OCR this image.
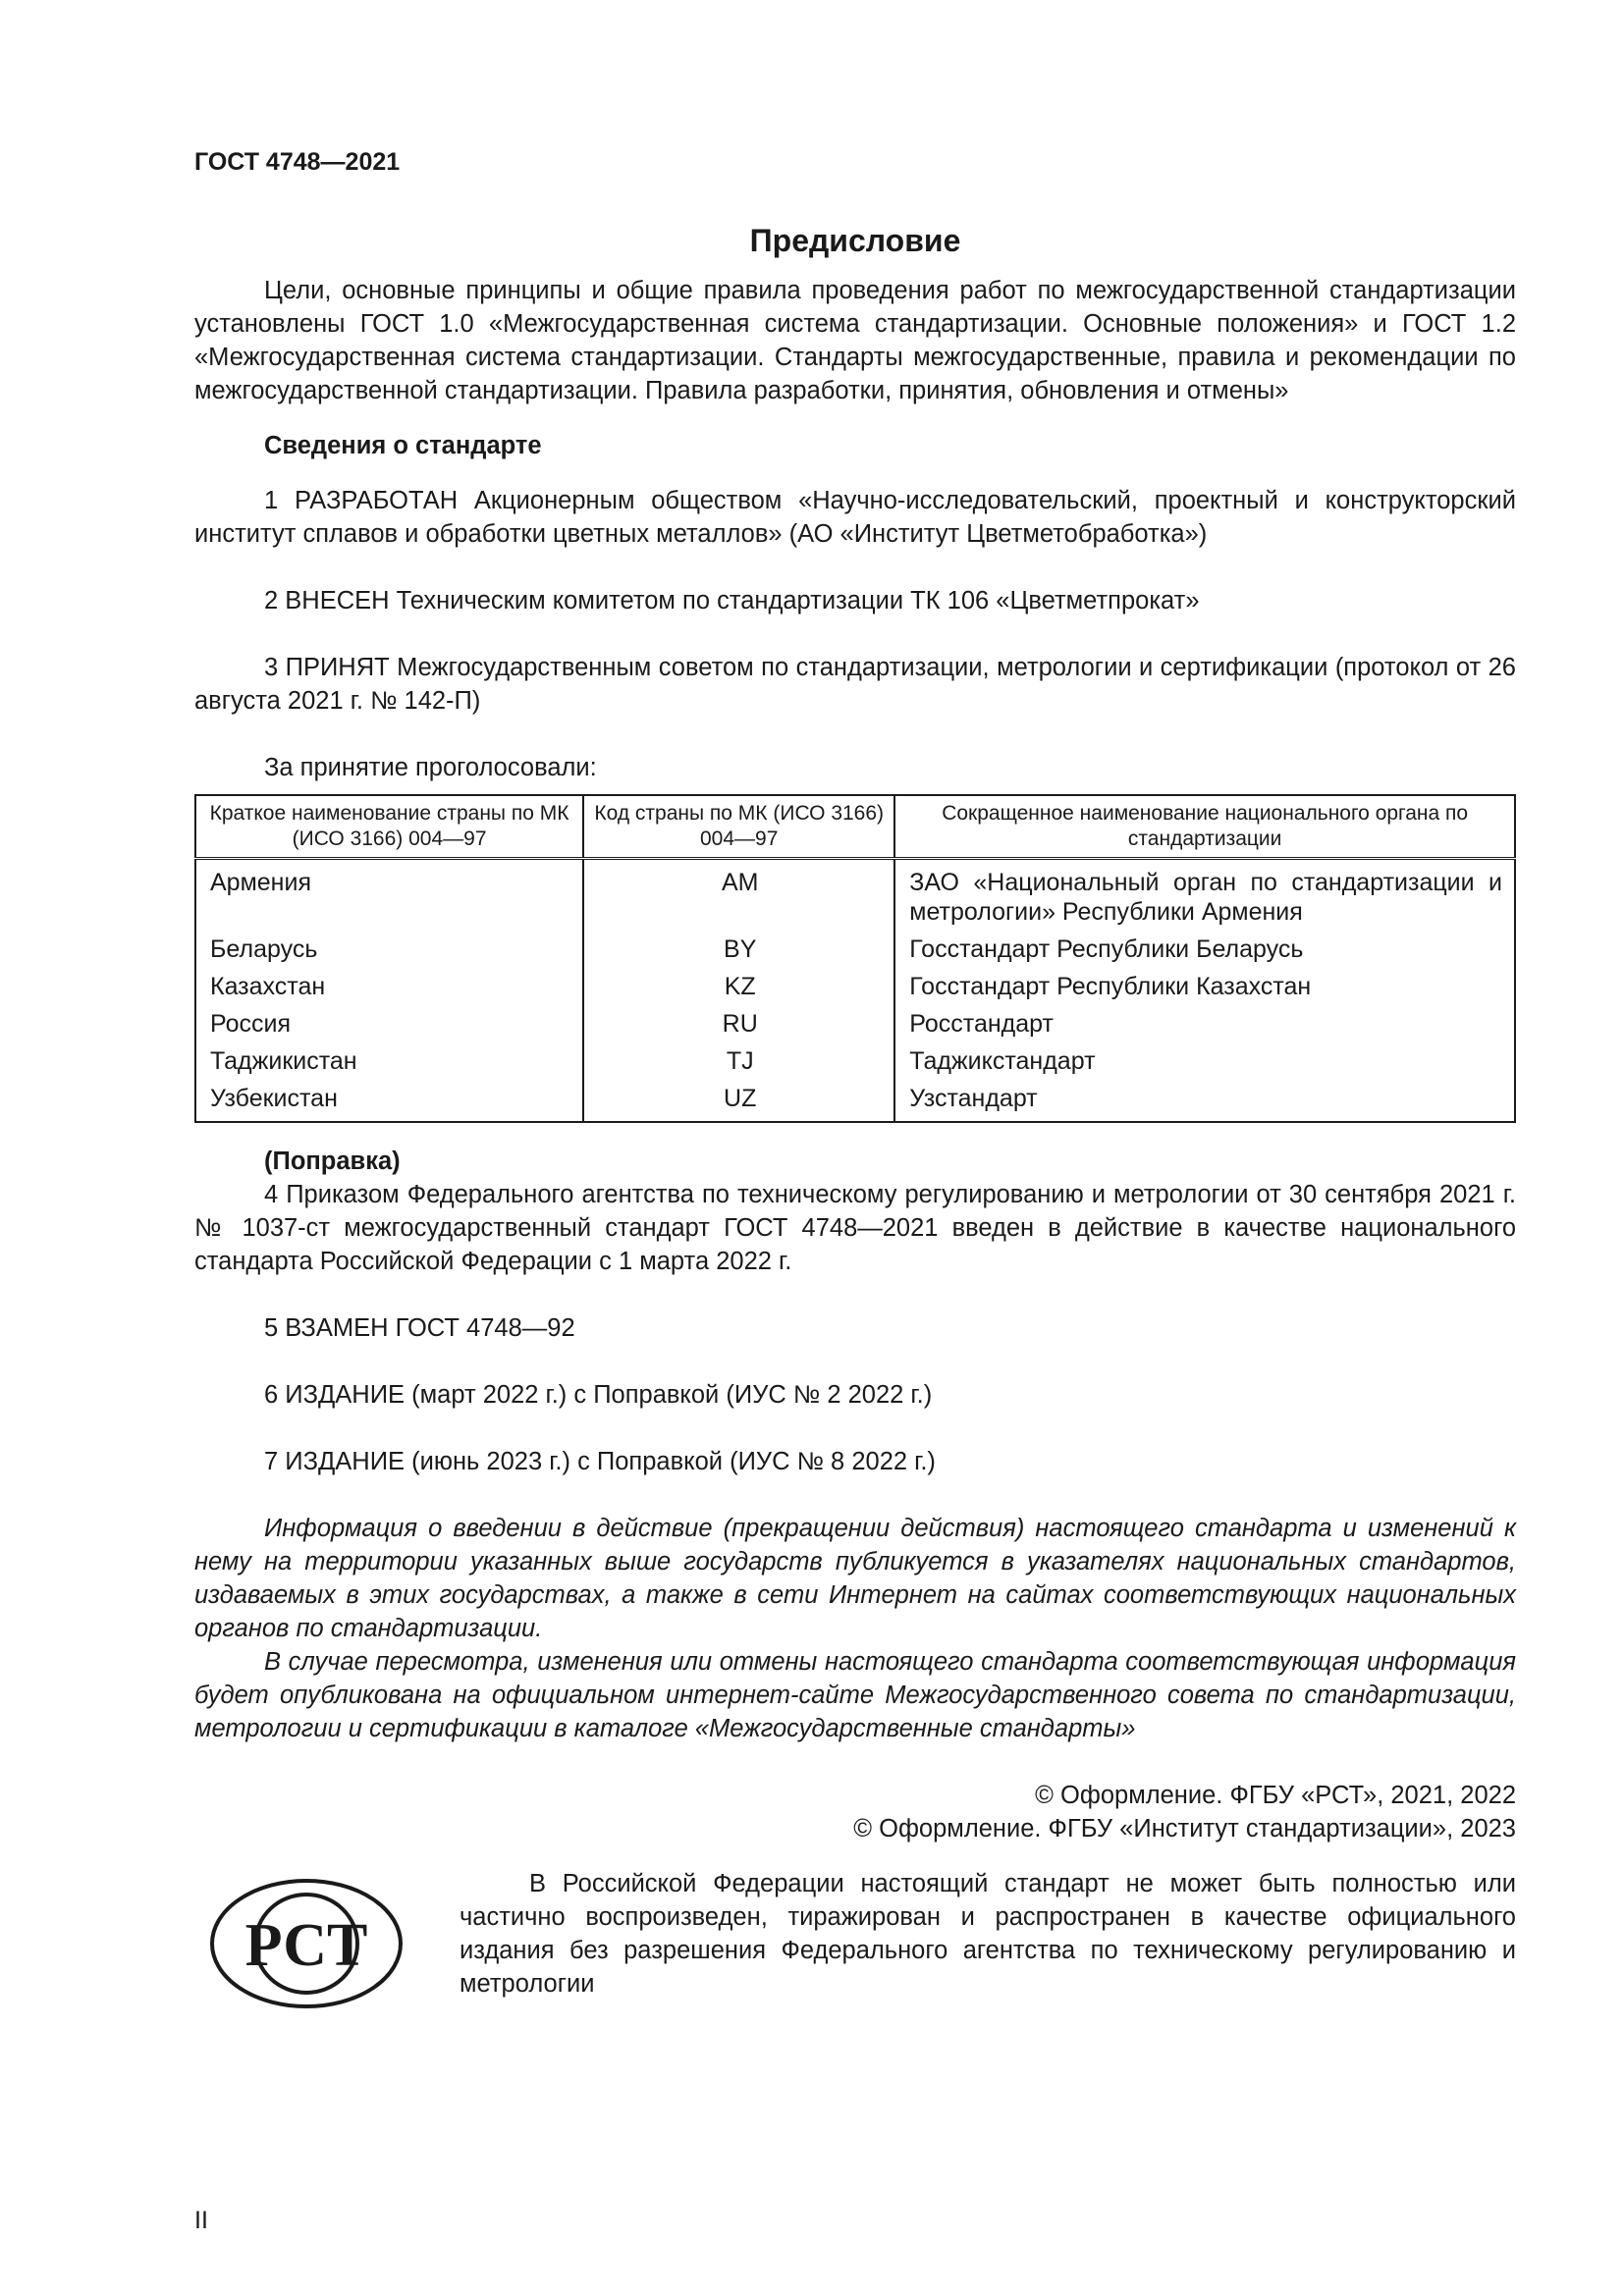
ГОСТ 4748—2021
Предисловие

Цели, основные принципы и общие правила проведения работ по межгосударственной стандартизации установлены ГОСТ 1.0 «Межгосударственная система стандартизации. Основные положения» и ГОСТ 1.2 «Межгосударственная система стандартизации. Стандарты межгосударственные, правила и рекомендации по межгосударственной стандартизации. Правила разработки, принятия, обновления и отмены»

Сведения о стандарте

1 РАЗРАБОТАН Акционерным обществом «Научно-исследовательский, проектный и конструкторский институт сплавов и обработки цветных металлов» (АО «Институт Цветметобработка»)

2 ВНЕСЕН Техническим комитетом по стандартизации ТК 106 «Цветметпрокат»

3 ПРИНЯТ Межгосударственным советом по стандартизации, метрологии и сертификации (протокол от 26 августа 2021 г. № 142-П)

За принятие проголосовали:

Краткое наименование страны по МК (ИСО 3166) 004—97	Код страны по МК (ИСО 3166) 004—97	Сокращенное наименование национального органа по стандартизации
Армения	AM	ЗАО «Национальный орган по стандартизации и метрологии» Республики Армения
Беларусь	BY	Госстандарт Республики Беларусь
Казахстан	KZ	Госстандарт Республики Казахстан
Россия	RU	Росстандарт
Таджикистан	TJ	Таджикстандарт
Узбекистан	UZ	Узстандарт

(Поправка)

4 Приказом Федерального агентства по техническому регулированию и метрологии от 30 сентября 2021 г. № 1037-ст межгосударственный стандарт ГОСТ 4748—2021 введен в действие в качестве национального стандарта Российской Федерации с 1 марта 2022 г.

5 ВЗАМЕН ГОСТ 4748—92

6 ИЗДАНИЕ (март 2022 г.) с Поправкой (ИУС № 2 2022 г.)

7 ИЗДАНИЕ (июнь 2023 г.) с Поправкой (ИУС № 8 2022 г.)

Информация о введении в действие (прекращении действия) настоящего стандарта и изменений к нему на территории указанных выше государств публикуется в указателях национальных стандартов, издаваемых в этих государствах, а также в сети Интернет на сайтах соответствующих национальных органов по стандартизации.

В случае пересмотра, изменения или отмены настоящего стандарта соответствующая информация будет опубликована на официальном интернет-сайте Межгосударственного совета по стандартизации, метрологии и сертификации в каталоге «Межгосударственные стандарты»

© Оформление. ФГБУ «РСТ», 2021, 2022
© Оформление. ФГБУ «Институт стандартизации», 2023
РСТ

В Российской Федерации настоящий стандарт не может быть полностью или частично воспроизведен, тиражирован и распространен в качестве официального издания без разрешения Федерального агентства по техническому регулированию и метрологии

II
